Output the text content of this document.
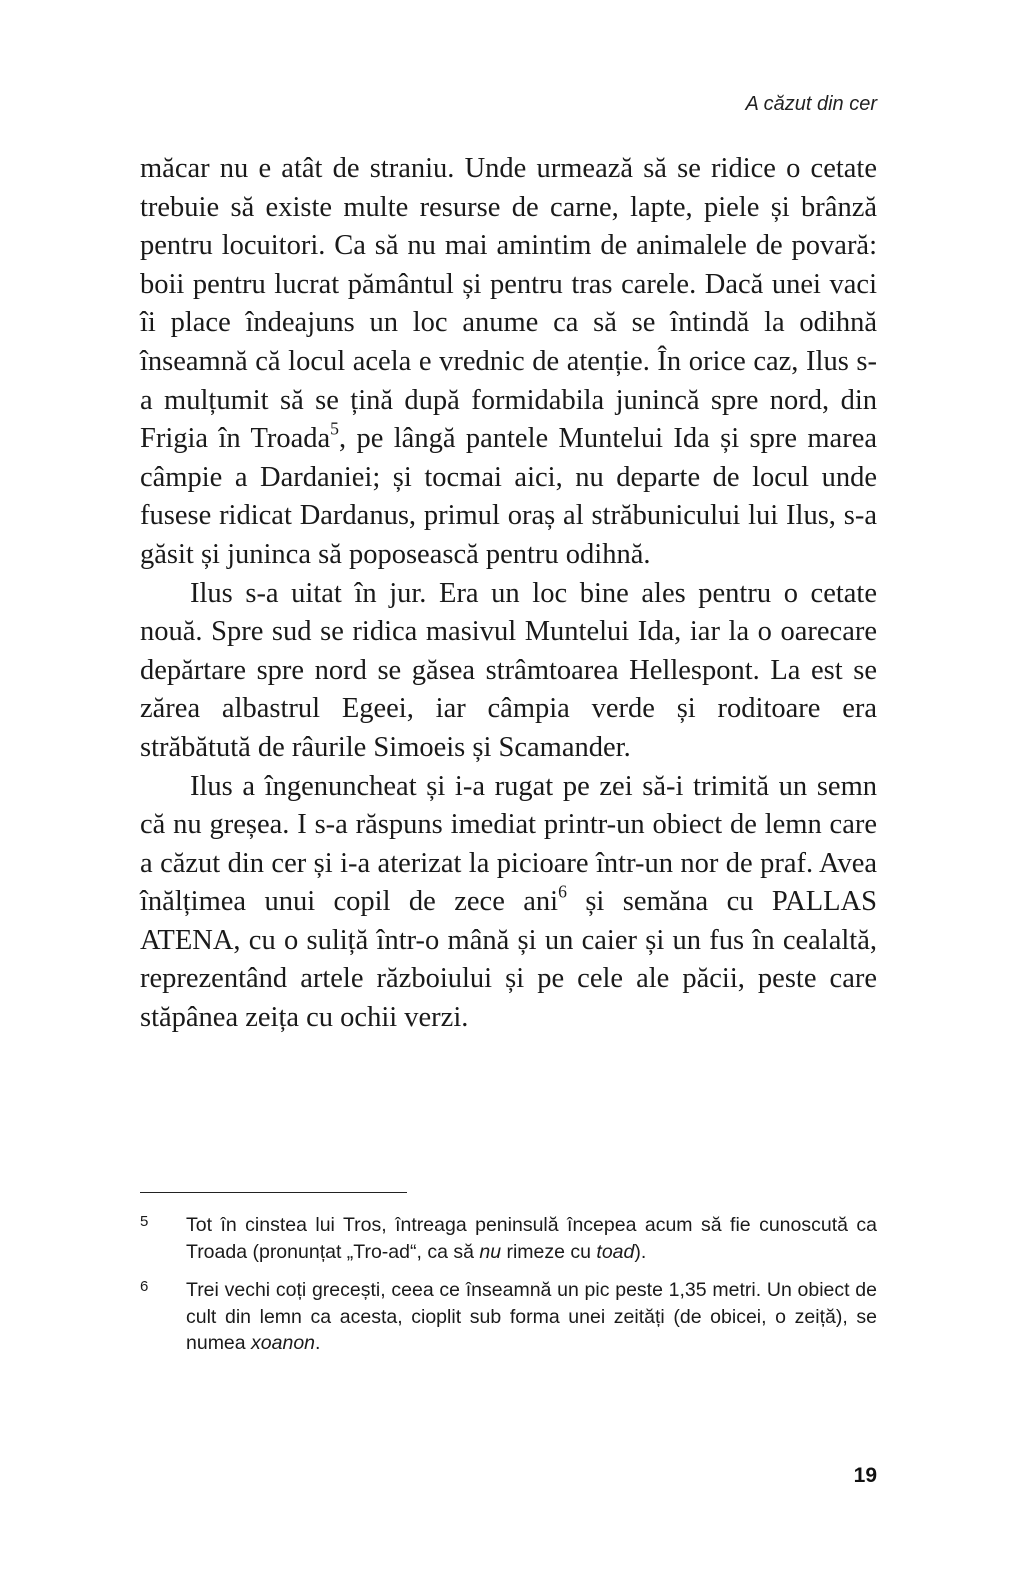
A căzut din cer

măcar nu e atât de straniu. Unde urmează să se ridice o cetate trebuie să existe multe resurse de carne, lapte, piele și brânză pentru locuitori. Ca să nu mai amintim de animalele de povară: boii pentru lucrat pământul și pentru tras carele. Dacă unei vaci îi place îndeajuns un loc anume ca să se întindă la odihnă înseamnă că locul acela e vrednic de atenție. În orice caz, Ilus s-a mulțumit să se țină după formidabila junincă spre nord, din Frigia în Troada$^5$, pe lângă pantele Muntelui Ida și spre marea câmpie a Dardaniei; și tocmai aici, nu departe de locul unde fusese ridicat Dardanus, primul oraș al străbunicului lui Ilus, s-a găsit și juninca să poposească pentru odihnă.

Ilus s-a uitat în jur. Era un loc bine ales pentru o cetate nouă. Spre sud se ridica masivul Muntelui Ida, iar la o oarecare depărtare spre nord se găsea strâmtoarea Hellespont. La est se zărea albastrul Egeei, iar câmpia verde și roditoare era străbătută de râurile Simoeis și Scamander.

Ilus a îngenuncheat și i-a rugat pe zei să-i trimită un semn că nu greșea. I s-a răspuns imediat printr-un obiect de lemn care a căzut din cer și i-a aterizat la picioare într-un nor de praf. Avea înălțimea unui copil de zece ani$^6$ și semăna cu PALLAS ATENA, cu o suliță într-o mână și un caier și un fus în cealaltă, reprezentând artele războiului și pe cele ale păcii, peste care stăpânea zeița cu ochii verzi.

5	Tot în cinstea lui Tros, întreaga peninsulă începea acum să fie cunoscută ca Troada (pronunțat „Tro-ad“, ca să nu rimeze cu toad).
6	Trei vechi coți grecești, ceea ce înseamnă un pic peste 1,35 metri. Un obiect de cult din lemn ca acesta, cioplit sub forma unei zeități (de obicei, o zeiță), se numea xoanon.
19
